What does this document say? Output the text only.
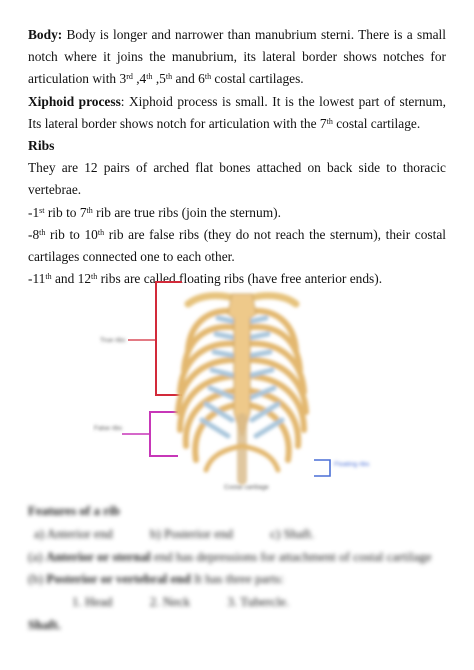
Body: Body is longer and narrower than manubrium sterni. There is a small notch where it joins the manubrium, its lateral border shows notches for articulation with 3rd ,4th ,5th and 6th costal cartilages.

Xiphoid process: Xiphoid process is small. It is the lowest part of sternum, Its lateral border shows notch for articulation with the 7th costal cartilage.

Ribs

They are 12 pairs of arched flat bones attached on back side to thoracic vertebrae.

-1st rib to 7th rib are true ribs (join the sternum).

-8th rib to 10th rib are false ribs (they do not reach the sternum), their costal cartilages connected one to each other.

-11th and 12th ribs are called floating ribs (have free anterior ends).

True ribs
False ribs
Floating ribs
Costal cartilage

Features of a rib

a) Anterior end	b) Posterior end	c) Shaft.

(a) Anterior or sternal end has depressions for attachment of costal cartilage

(b) Posterior or vertebral end It has three parts:

1. Head	2. Neck	3. Tubercle.

Shaft.
